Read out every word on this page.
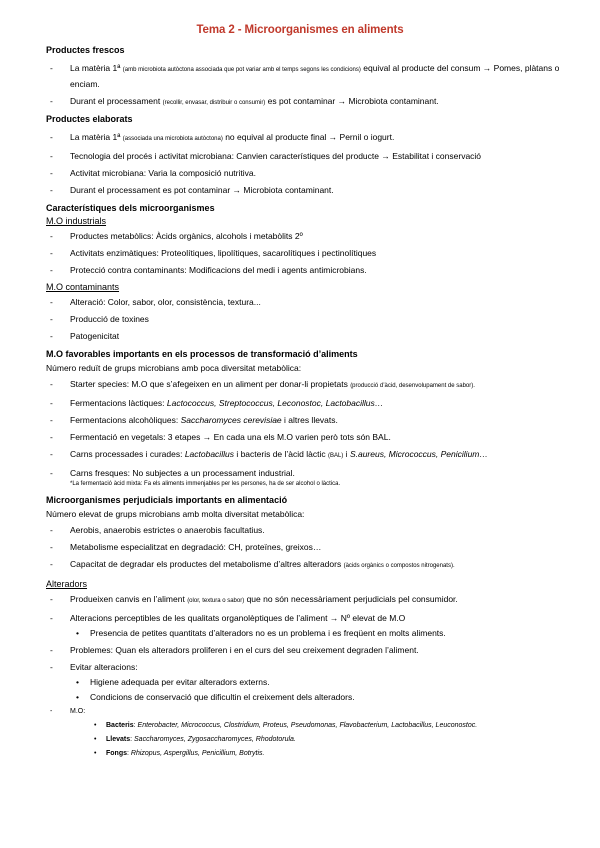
Tema 2 - Microorganismes en aliments
Productes frescos
- La matèria 1ª (amb microbiota autòctona associada que pot variar amb el temps segons les condicions) equival al producte del consum → Pomes, plàtans o enciam.
- Durant el processament (recollir, envasar, distribuir o consumir) es pot contaminar → Microbiota contaminant.
Productes elaborats
- La matèria 1ª (associada una microbiota autòctona) no equival al producte final → Pernil o iogurt.
- Tecnologia del procés i activitat microbiana: Canvien característiques del producte → Estabilitat i conservació
- Activitat microbiana: Varia la composició nutritiva.
- Durant el processament es pot contaminar → Microbiota contaminant.
Característiques dels microorganismes
M.O industrials
- Productes metabòlics: Àcids orgànics, alcohols i metabòlits 2º
- Activitats enzimàtiques: Proteolítiques, lipolítiques, sacarolítiques i pectinolítiques
- Protecció contra contaminants: Modificacions del medi i agents antimicrobians.
M.O contaminants
- Alteració: Color, sabor, olor, consistència, textura...
- Producció de toxines
- Patogenicitat
M.O favorables importants en els processos de transformació d’aliments
Número reduït de grups microbians amb poca diversitat metabòlica:
- Starter species: M.O que s’afegeixen en un aliment per donar-li propietats (producció d’àcid, desenvolupament de sabor).
- Fermentacions làctiques: Lactococcus, Streptococcus, Leconostoc, Lactobacillus…
- Fermentacions alcohòliques: Saccharomyces cerevisiae i altres llevats.
- Fermentació en vegetals: 3 etapes → En cada una els M.O varien però tots són BAL.
- Carns processades i curades: Lactobacillus i bacteris de l’àcid làctic (BAL) i S.aureus, Micrococcus, Penicilium…
- Carns fresques: No subjectes a un processament industrial.
*La fermentació àcid mixta: Fa els aliments immenjables per les persones, ha de ser alcohol o làctica.
Microorganismes perjudicials importants en alimentació
Número elevat de grups microbians amb molta diversitat metabòlica:
- Aerobis, anaerobis estrictes o anaerobis facultatius.
- Metabolisme especialitzat en degradació: CH, proteïnes, greixos…
- Capacitat de degradar els productes del metabolisme d’altres alteradors (àcids orgànics o compostos nitrogenats).
Alteradors
- Produeixen canvis en l’aliment (olor, textura o sabor) que no són necessàriament perjudicials pel consumidor.
- Alteracions perceptibles de les qualitats organolèptiques de l’aliment → Nº elevat de M.O
• Presencia de petites quantitats d’alteradors no es un problema i es freqüent en molts aliments.
- Problemes: Quan els alteradors proliferen i en el curs del seu creixement degraden l’aliment.
- Evitar alteracions:
• Higiene adequada per evitar alteradors externs.
• Condicions de conservació que dificultin el creixement dels alteradors.
-	M.O:
• Bacteris: Enterobacter, Micrococcus, Clostridium, Proteus, Pseudomonas, Flavobacterium, Lactobacillus, Leuconostoc.
• Llevats: Saccharomyces, Zygosaccharomyces, Rhodotorula.
• Fongs: Rhizopus, Aspergillus, Penicillium, Botrytis.
